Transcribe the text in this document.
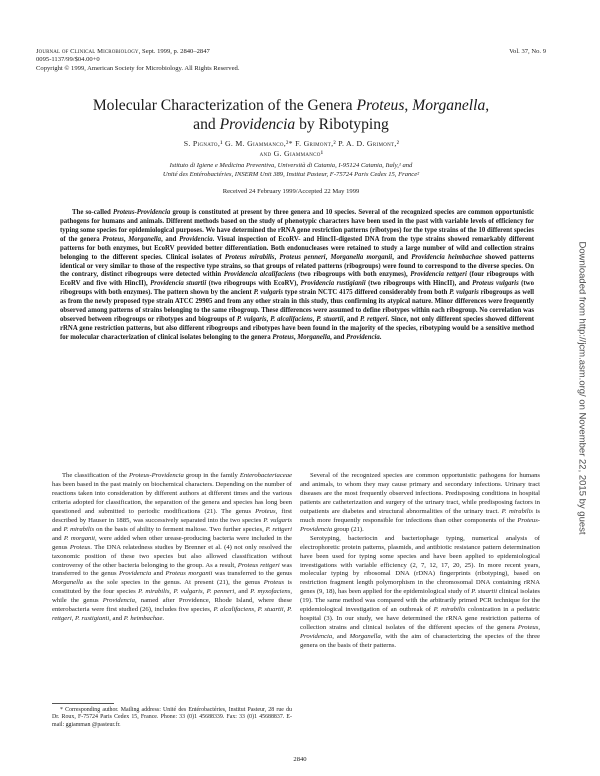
Journal of Clinical Microbiology, Sept. 1999, p. 2840–2847	Vol. 37, No. 9
0095-1137/99/$04.00+0
Copyright © 1999, American Society for Microbiology. All Rights Reserved.
Molecular Characterization of the Genera Proteus, Morganella,
and Providencia by Ribotyping
S. Pignato,¹ G. M. Giammanco,²* F. Grimont,² P. A. D. Grimont,²
and G. Giammanco¹
Istituto di Igiene e Medicina Preventiva, Università di Catania, I-95124 Catania, Italy,¹ and
Unité des Entérobactéries, INSERM Unit 389, Institut Pasteur, F-75724 Paris Cedex 15, France²
Received 24 February 1999/Accepted 22 May 1999

The so-called Proteus-Providencia group is constituted at present by three genera and 10 species. Several of the recognized species are common opportunistic pathogens for humans and animals. Different methods based on the study of phenotypic characters have been used in the past with variable levels of efficiency for typing some species for epidemiological purposes. We have determined the rRNA gene restriction patterns (ribotypes) for the type strains of the 10 different species of the genera Proteus, Morganella, and Providencia. Visual inspection of EcoRV- and HincII-digested DNA from the type strains showed remarkably different patterns for both enzymes, but EcoRV provided better differentiation. Both endonucleases were retained to study a large number of wild and collection strains belonging to the different species. Clinical isolates of Proteus mirabilis, Proteus penneri, Morganella morganii, and Providencia heimbachae showed patterns identical or very similar to those of the respective type strains, so that groups of related patterns (ribogroups) were found to correspond to the diverse species. On the contrary, distinct ribogroups were detected within Providencia alcalifaciens (two ribogroups with both enzymes), Providencia rettgeri (four ribogroups with EcoRV and five with HincII), Providencia stuartii (two ribogroups with EcoRV), Providencia rustigianii (two ribogroups with HincII), and Proteus vulgaris (two ribogroups with both enzymes). The pattern shown by the ancient P. vulgaris type strain NCTC 4175 differed considerably from both P. vulgaris ribogroups as well as from the newly proposed type strain ATCC 29905 and from any other strain in this study, thus confirming its atypical nature. Minor differences were frequently observed among patterns of strains belonging to the same ribogroup. These differences were assumed to define ribotypes within each ribogroup. No correlation was observed between ribogroups or ribotypes and biogroups of P. vulgaris, P. alcalifaciens, P. stuartii, and P. rettgeri. Since, not only different species showed different rRNA gene restriction patterns, but also different ribogroups and ribotypes have been found in the majority of the species, ribotyping would be a sensitive method for molecular characterization of clinical isolates belonging to the genera Proteus, Morganella, and Providencia.

The classification of the Proteus-Providencia group in the family Enterobacteriaceae has been based in the past mainly on biochemical characters. Depending on the number of reactions taken into consideration by different authors at different times and the various criteria adopted for classification, the separation of the genera and species has long been questioned and submitted to periodic modifications (21). The genus Proteus, first described by Hauser in 1885, was successively separated into the two species P. vulgaris and P. mirabilis on the basis of ability to ferment maltose. Two further species, P. rettgeri and P. morganii, were added when other urease-producing bacteria were included in the genus Proteus. The DNA relatedness studies by Brenner et al. (4) not only resolved the taxonomic position of these two species but also allowed classification without controversy of the other bacteria belonging to the group. As a result, Proteus rettgeri was transferred to the genus Providencia and Proteus morganii was transferred to the genus Morganella as the sole species in the genus. At present (21), the genus Proteus is constituted by the four species P. mirabilis, P. vulgaris, P. penneri, and P. myxofaciens, while the genus Providencia, named after Providence, Rhode Island, where these enterobacteria were first studied (26), includes five species, P. alcalifaciens, P. stuartii, P. rettgeri, P. rustigianii, and P. heimbachae.

Several of the recognized species are common opportunistic pathogens for humans and animals, to whom they may cause primary and secondary infections. Urinary tract diseases are the most frequently observed infections. Predisposing conditions in hospital patients are catheterization and surgery of the urinary tract, while predisposing factors in outpatients are diabetes and structural abnormalities of the urinary tract. P. mirabilis is much more frequently responsible for infections than other components of the Proteus-Providencia group (21).

Serotyping, bacteriocin and bacteriophage typing, numerical analysis of electrophoretic protein patterns, plasmids, and antibiotic resistance pattern determination have been used for typing some species and have been applied to epidemiological investigations with variable efficiency (2, 7, 12, 17, 20, 25). In more recent years, molecular typing by ribosomal DNA (rDNA) fingerprints (ribotyping), based on restriction fragment length polymorphism in the chromosomal DNA containing rRNA genes (9, 18), has been applied for the epidemiological study of P. stuartii clinical isolates (19). The same method was compared with the arbitrarily primed PCR technique for the epidemiological investigation of an outbreak of P. mirabilis colonization in a pediatric hospital (3). In our study, we have determined the rRNA gene restriction patterns of collection strains and clinical isolates of the different species of the genera Proteus, Providencia, and Morganella, with the aim of characterizing the species of the three genera on the basis of their patterns.

* Corresponding author. Mailing address: Unité des Entérobactéries, Institut Pasteur, 28 rue du Dr. Roux, F-75724 Paris Cedex 15, France. Phone: 33 (0)1 45688339. Fax: 33 (0)1 45688837. E-mail: ggiamman @pasteur.fr.

2840
Downloaded from http://jcm.asm.org/ on November 22, 2015 by guest
